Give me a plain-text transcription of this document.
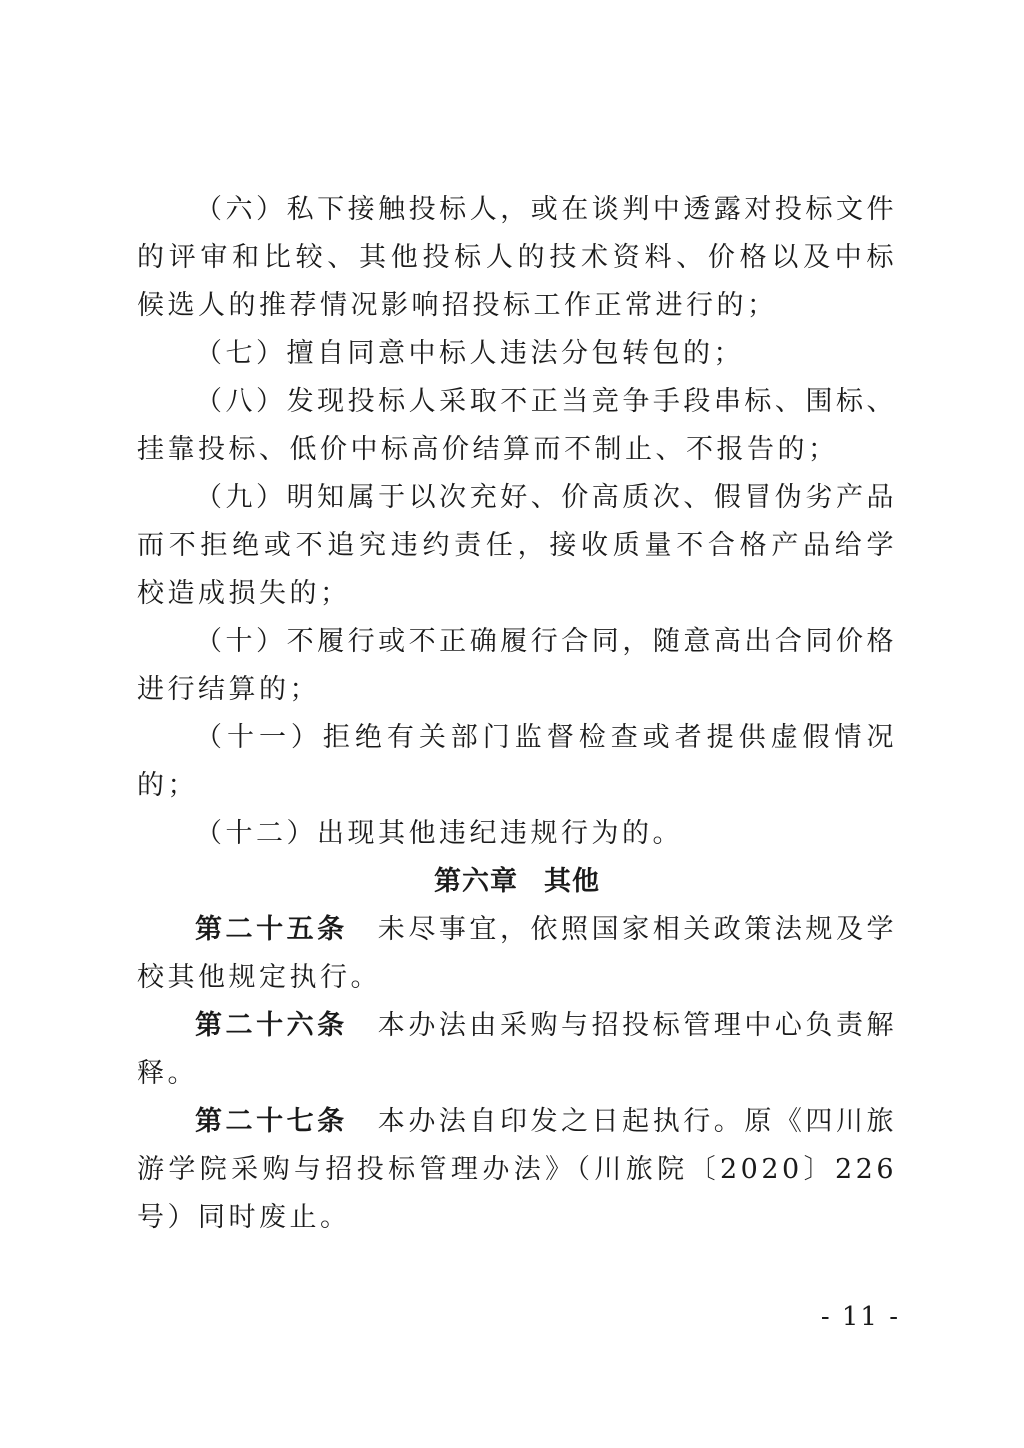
（六）私下接触投标人，或在谈判中透露对投标文件的评审和比较、其他投标人的技术资料、价格以及中标候选人的推荐情况影响招投标工作正常进行的；

（七）擅自同意中标人违法分包转包的；

（八）发现投标人采取不正当竞争手段串标、围标、挂靠投标、低价中标高价结算而不制止、不报告的；

（九）明知属于以次充好、价高质次、假冒伪劣产品而不拒绝或不追究违约责任，接收质量不合格产品给学校造成损失的；

（十）不履行或不正确履行合同，随意高出合同价格进行结算的；

（十一）拒绝有关部门监督检查或者提供虚假情况的；

（十二）出现其他违纪违规行为的。

第六章 其他

第二十五条 未尽事宜，依照国家相关政策法规及学校其他规定执行。

第二十六条 本办法由采购与招投标管理中心负责解释。

第二十七条 本办法自印发之日起执行。原《四川旅游学院采购与招投标管理办法》（川旅院〔2020〕226号）同时废止。

- 11 -
